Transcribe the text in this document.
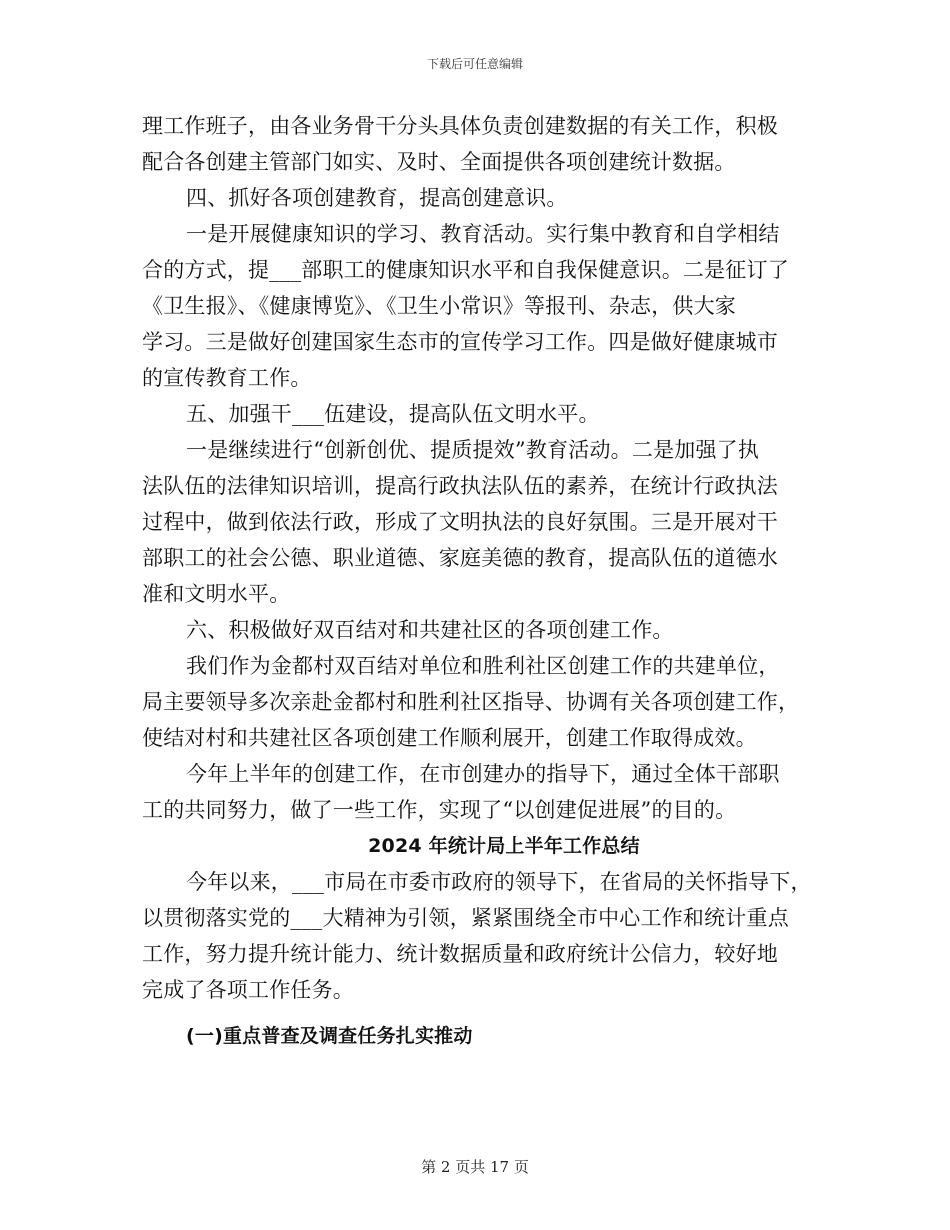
下载后可任意编辑
理工作班子，由各业务骨干分头具体负责创建数据的有关工作，积极
配合各创建主管部门如实、及时、全面提供各项创建统计数据。
四、抓好各项创建教育，提高创建意识。
一是开展健康知识的学习、教育活动。实行集中教育和自学相结
合的方式，提___部职工的健康知识水平和自我保健意识。二是征订了
《卫生报》、《健康博览》、《卫生小常识》等报刊、杂志，供大家
学习。三是做好创建国家生态市的宣传学习工作。四是做好健康城市
的宣传教育工作。
五、加强干___伍建设，提高队伍文明水平。
一是继续进行“创新创优、提质提效”教育活动。二是加强了执
法队伍的法律知识培训，提高行政执法队伍的素养，在统计行政执法
过程中，做到依法行政，形成了文明执法的良好氛围。三是开展对干
部职工的社会公德、职业道德、家庭美德的教育，提高队伍的道德水
准和文明水平。
六、积极做好双百结对和共建社区的各项创建工作。
我们作为金都村双百结对单位和胜利社区创建工作的共建单位，
局主要领导多次亲赴金都村和胜利社区指导、协调有关各项创建工作，
使结对村和共建社区各项创建工作顺利展开，创建工作取得成效。
今年上半年的创建工作，在市创建办的指导下，通过全体干部职
工的共同努力，做了一些工作，实现了“以创建促进展”的目的。
2024 年统计局上半年工作总结
今年以来，___市局在市委市政府的领导下，在省局的关怀指导下，
以贯彻落实党的___大精神为引领，紧紧围绕全市中心工作和统计重点
工作，努力提升统计能力、统计数据质量和政府统计公信力，较好地
完成了各项工作任务。
(一)重点普查及调查任务扎实推动
第 2 页共 17 页
